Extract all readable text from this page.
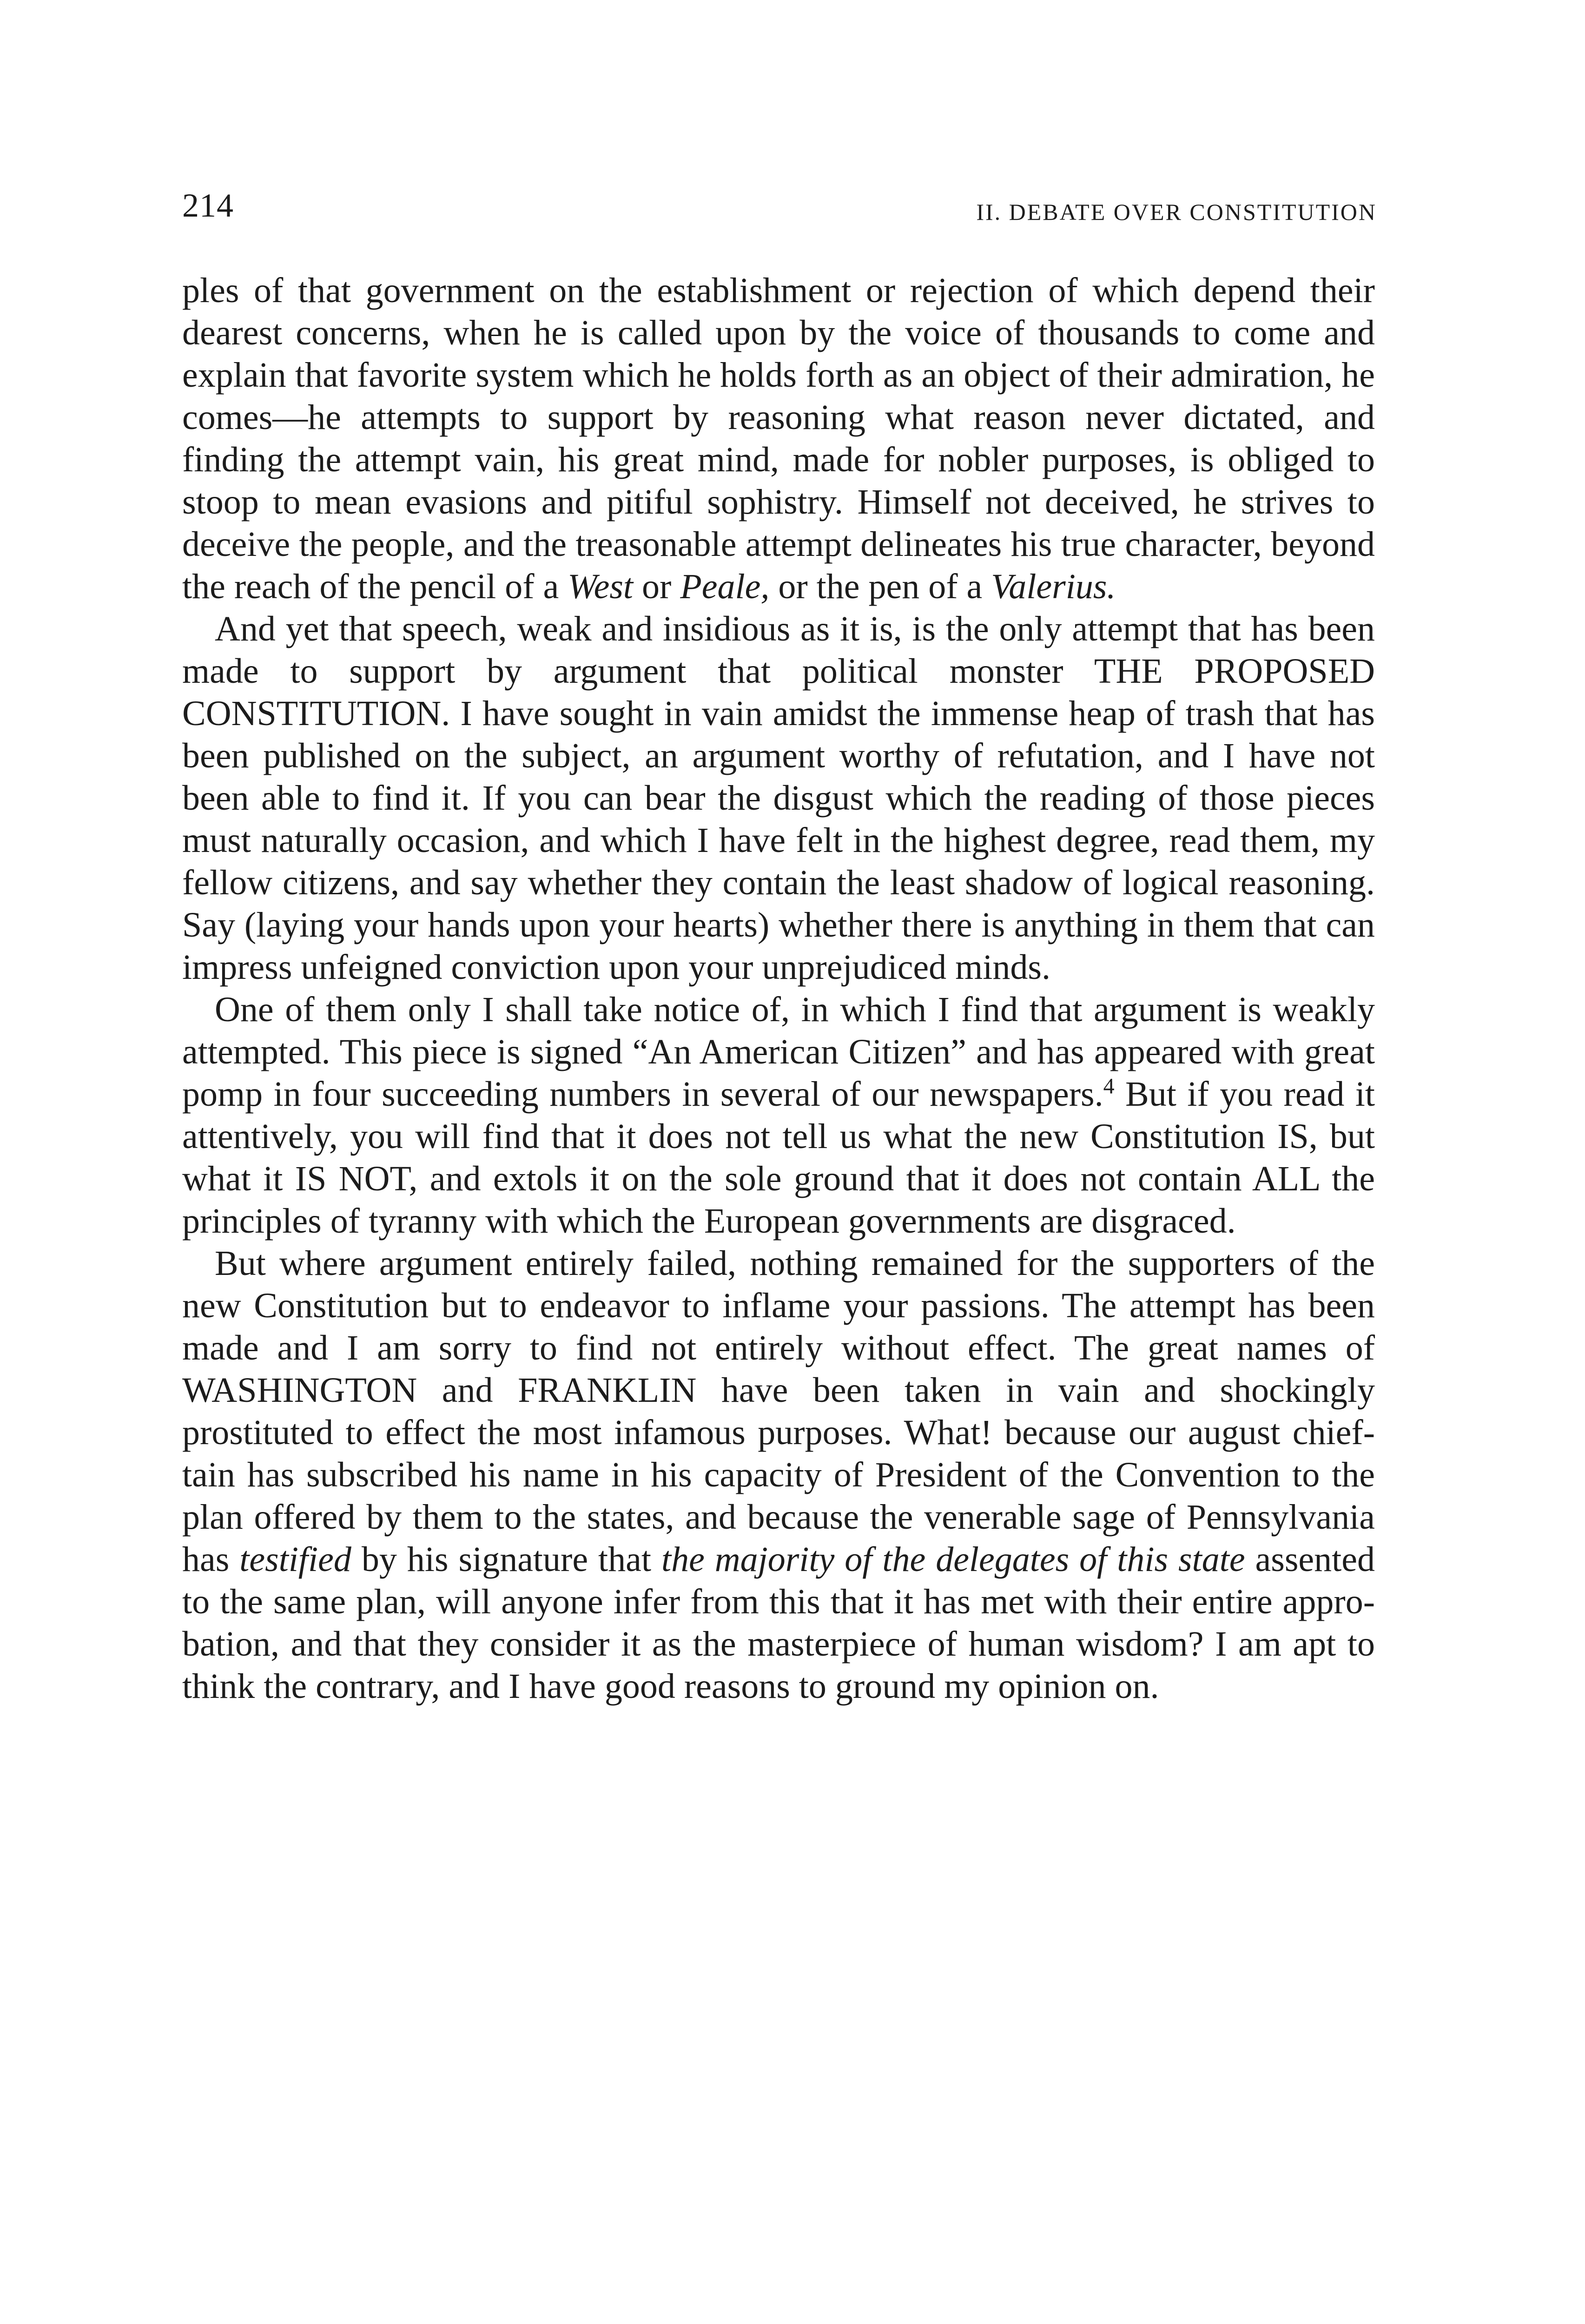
214	II. DEBATE OVER CONSTITUTION

ples of that government on the establishment or rejection of which depend their dearest concerns, when he is called upon by the voice of thousands to come and explain that favorite system which he holds forth as an object of their admiration, he comes—he attempts to support by reasoning what reason never dictated, and finding the attempt vain, his great mind, made for nobler purposes, is obliged to stoop to mean evasions and pitiful sophistry. Himself not deceived, he strives to deceive the people, and the treasonable attempt delineates his true character, beyond the reach of the pencil of a West or Peale, or the pen of a Valerius.

And yet that speech, weak and insidious as it is, is the only attempt that has been made to support by argument that political monster THE PROPOSED CONSTITUTION. I have sought in vain amidst the immense heap of trash that has been published on the subject, an argument worthy of refutation, and I have not been able to find it. If you can bear the disgust which the reading of those pieces must naturally occasion, and which I have felt in the highest degree, read them, my fellow citizens, and say whether they contain the least shadow of logical reasoning. Say (laying your hands upon your hearts) whether there is anything in them that can impress unfeigned conviction upon your unprejudiced minds.

One of them only I shall take notice of, in which I find that argument is weakly attempted. This piece is signed “An American Citizen” and has appeared with great pomp in four succeeding numbers in several of our newspapers.$^4$ But if you read it attentively, you will find that it does not tell us what the new Constitution IS, but what it IS NOT, and extols it on the sole ground that it does not contain ALL the principles of tyranny with which the European governments are disgraced.

But where argument entirely failed, nothing remained for the supporters of the new Constitution but to endeavor to inflame your passions. The attempt has been made and I am sorry to find not entirely without effect. The great names of WASHINGTON and FRANKLIN have been taken in vain and shockingly prostituted to effect the most infamous purposes. What! because our august chieftain has subscribed his name in his capacity of President of the Convention to the plan offered by them to the states, and because the venerable sage of Pennsylvania has testified by his signature that the majority of the delegates of this state assented to the same plan, will anyone infer from this that it has met with their entire approbation, and that they consider it as the masterpiece of human wisdom? I am apt to think the contrary, and I have good reasons to ground my opinion on.
